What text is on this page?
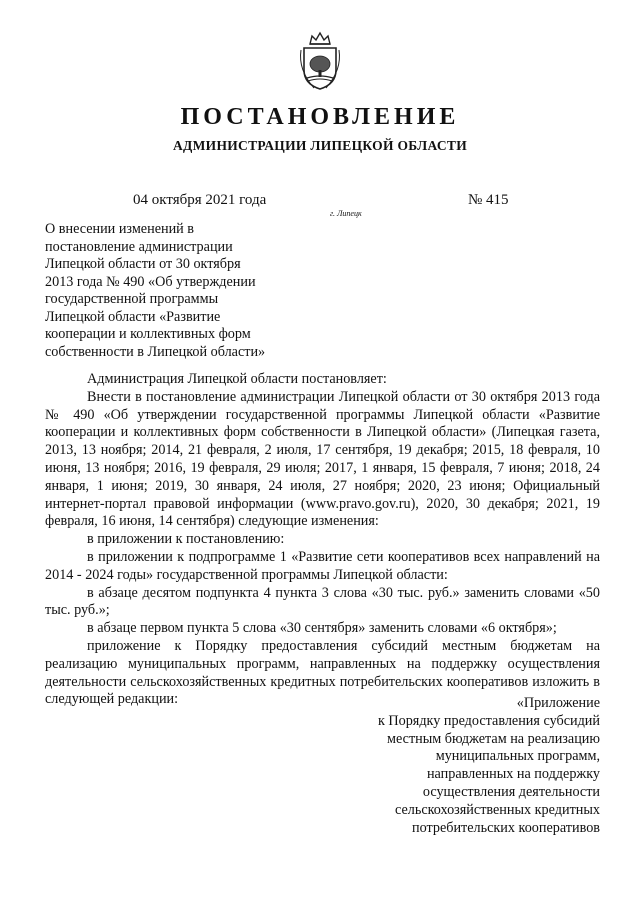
ПОСТАНОВЛЕНИЕ
АДМИНИСТРАЦИИ ЛИПЕЦКОЙ ОБЛАСТИ
04 октября 2021 года
г. Липецк
№ 415
О внесении изменений в
постановление администрации
Липецкой области от 30 октября
2013 года № 490 «Об утверждении
государственной программы
Липецкой области «Развитие
кооперации и коллективных форм
собственности в Липецкой области»

Администрация Липецкой области постановляет:

Внести в постановление администрации Липецкой области от 30 октября 2013 года № 490 «Об утверждении государственной программы Липецкой области «Развитие кооперации и коллективных форм собственности в Липецкой области» (Липецкая газета, 2013, 13 ноября; 2014, 21 февраля, 2 июля, 17 сентября, 19 декабря; 2015, 18 февраля, 10 июня, 13 ноября; 2016, 19 февраля, 29 июля; 2017, 1 января, 15 февраля, 7 июня; 2018, 24 января, 1 июня; 2019, 30 января, 24 июля, 27 ноября; 2020, 23 июня; Официальный интернет-портал правовой информации (www.pravo.gov.ru), 2020, 30 декабря; 2021, 19 февраля, 16 июня, 14 сентября) следующие изменения:

в приложении к постановлению:

в приложении к подпрограмме 1 «Развитие сети кооперативов всех направлений на 2014 - 2024 годы» государственной программы Липецкой области:

в абзаце десятом подпункта 4 пункта 3 слова «30 тыс. руб.» заменить словами «50 тыс. руб.»;

в абзаце первом пункта 5 слова «30 сентября» заменить словами «6 октября»;

приложение к Порядку предоставления субсидий местным бюджетам на реализацию муниципальных программ, направленных на поддержку осуществления деятельности сельскохозяйственных кредитных потребительских кооперативов изложить в следующей редакции:	«Приложение
к Порядку предоставления субсидий
местным бюджетам на реализацию
муниципальных программ,
направленных на поддержку
осуществления деятельности
сельскохозяйственных кредитных
потребительских кооперативов
